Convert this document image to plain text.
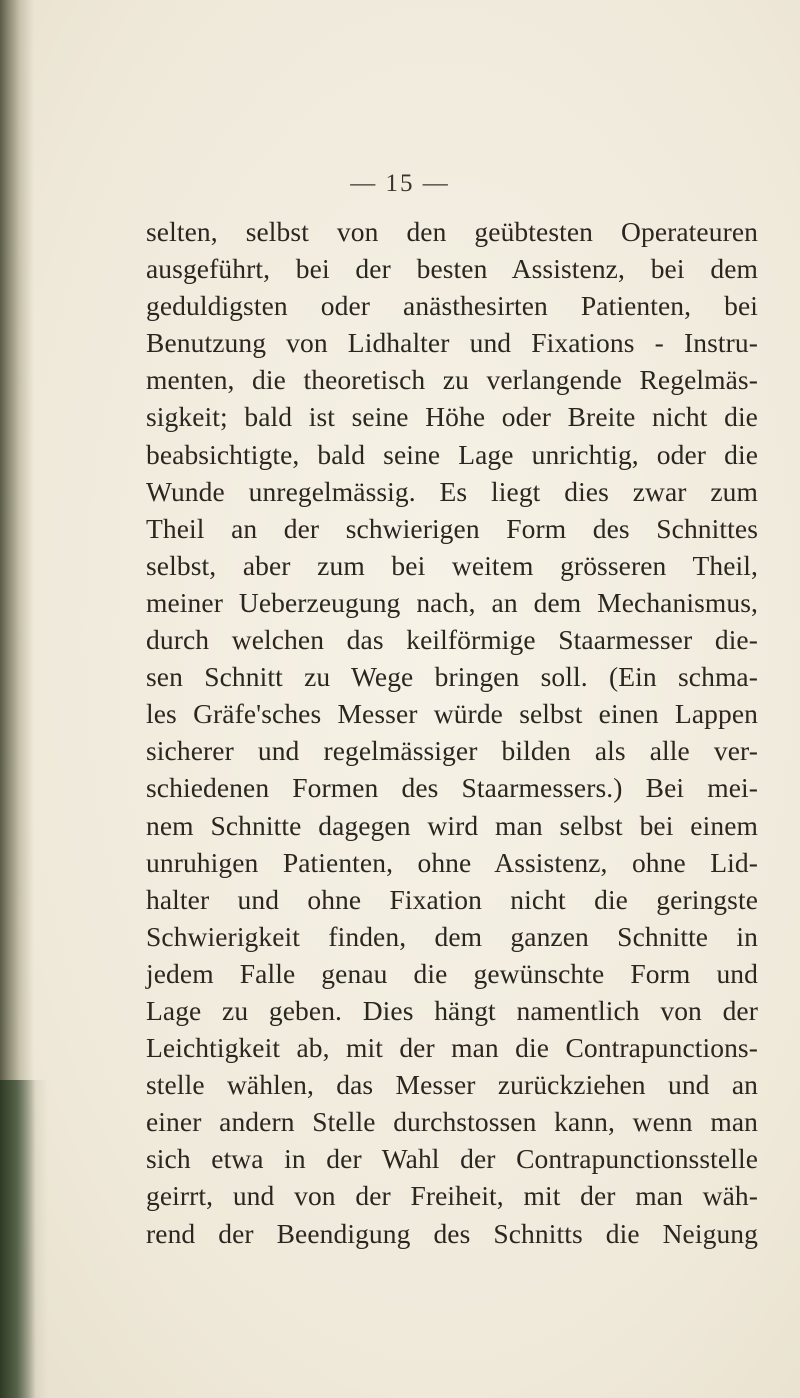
— 15 —
selten, selbst von den geübtesten Operateuren
ausgeführt, bei der besten Assistenz, bei dem
geduldigsten oder anästhesirten Patienten, bei
Benutzung von Lidhalter und Fixations - Instru-
menten, die theoretisch zu verlangende Regelmäs-
sigkeit; bald ist seine Höhe oder Breite nicht die
beabsichtigte, bald seine Lage unrichtig, oder die
Wunde unregelmässig. Es liegt dies zwar zum
Theil an der schwierigen Form des Schnittes
selbst, aber zum bei weitem grösseren Theil,
meiner Ueberzeugung nach, an dem Mechanismus,
durch welchen das keilförmige Staarmesser die-
sen Schnitt zu Wege bringen soll. (Ein schma-
les Gräfe'sches Messer würde selbst einen Lappen
sicherer und regelmässiger bilden als alle ver-
schiedenen Formen des Staarmessers.) Bei mei-
nem Schnitte dagegen wird man selbst bei einem
unruhigen Patienten, ohne Assistenz, ohne Lid-
halter und ohne Fixation nicht die geringste
Schwierigkeit finden, dem ganzen Schnitte in
jedem Falle genau die gewünschte Form und
Lage zu geben. Dies hängt namentlich von der
Leichtigkeit ab, mit der man die Contrapunctions-
stelle wählen, das Messer zurückziehen und an
einer andern Stelle durchstossen kann, wenn man
sich etwa in der Wahl der Contrapunctionsstelle
geirrt, und von der Freiheit, mit der man wäh-
rend der Beendigung des Schnitts die Neigung
